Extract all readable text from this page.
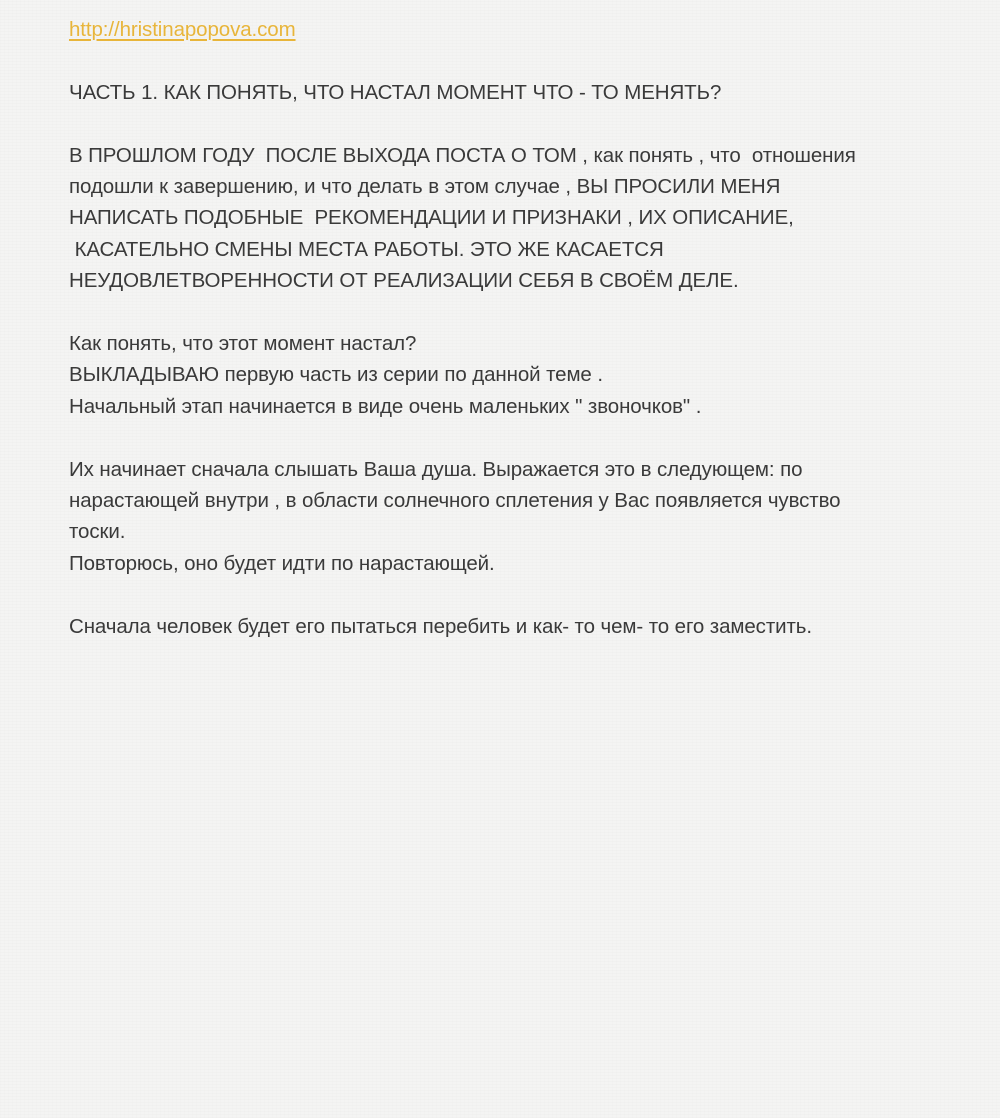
http://hristinapopova.com

ЧАСТЬ 1. КАК ПОНЯТЬ, ЧТО НАСТАЛ МОМЕНТ ЧТО - ТО МЕНЯТЬ?

В ПРОШЛОМ ГОДУ  ПОСЛЕ ВЫХОДА ПОСТА О ТОМ , как понять , что  отношения
подошли к завершению, и что делать в этом случае , ВЫ ПРОСИЛИ МЕНЯ
НАПИСАТЬ ПОДОБНЫЕ  РЕКОМЕНДАЦИИ И ПРИЗНАКИ , ИХ ОПИСАНИЕ,
КАСАТЕЛЬНО СМЕНЫ МЕСТА РАБОТЫ. ЭТО ЖЕ КАСАЕТСЯ
НЕУДОВЛЕТВОРЕННОСТИ ОТ РЕАЛИЗАЦИИ СЕБЯ В СВОЁМ ДЕЛЕ.

Как понять, что этот момент настал?
ВЫКЛАДЫВАЮ первую часть из серии по данной теме .
Начальный этап начинается в виде очень маленьких " звоночков" .

Их начинает сначала слышать Ваша душа. Выражается это в следующем: по
нарастающей внутри , в области солнечного сплетения у Вас появляется чувство
тоски.
Повторюсь, оно будет идти по нарастающей.

Сначала человек будет его пытаться перебить и как- то чем- то его заместить.
